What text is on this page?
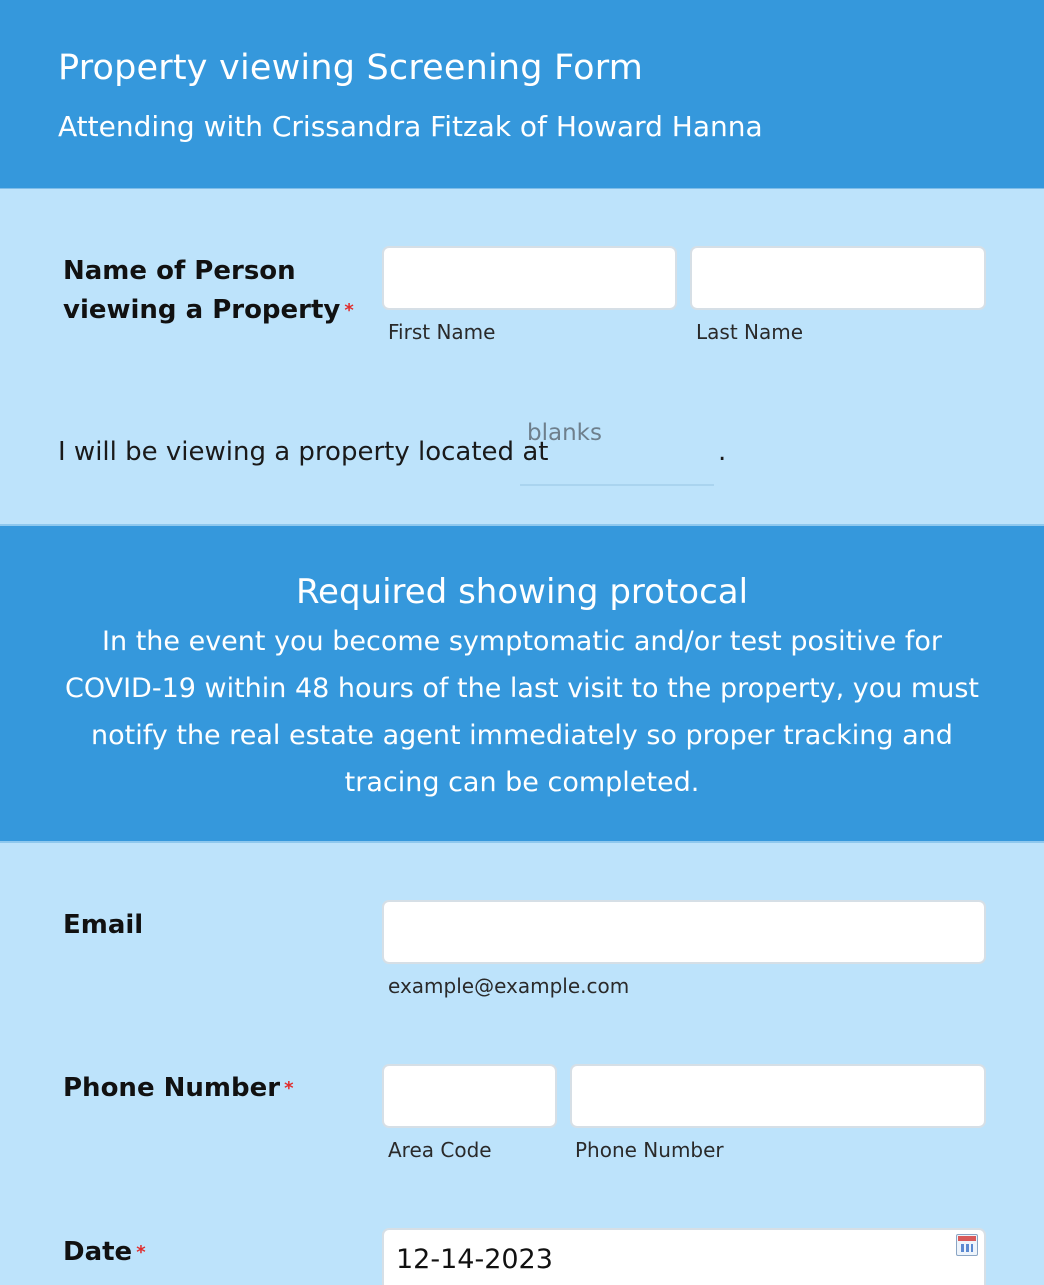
Property viewing Screening Form
Attending with Crissandra Fitzak of Howard Hanna
Name of Person viewing a Property *
First Name	Last Name
I will be viewing a property located at
blanks
.
Required showing protocal
In the event you become symptomatic and/or test positive for COVID-19 within 48 hours of the last visit to the property, you must notify the real estate agent immediately so proper tracking and tracing can be completed.
Email
example@example.com
Phone Number *
Area Code	Phone Number
Date *	12-14-2023
